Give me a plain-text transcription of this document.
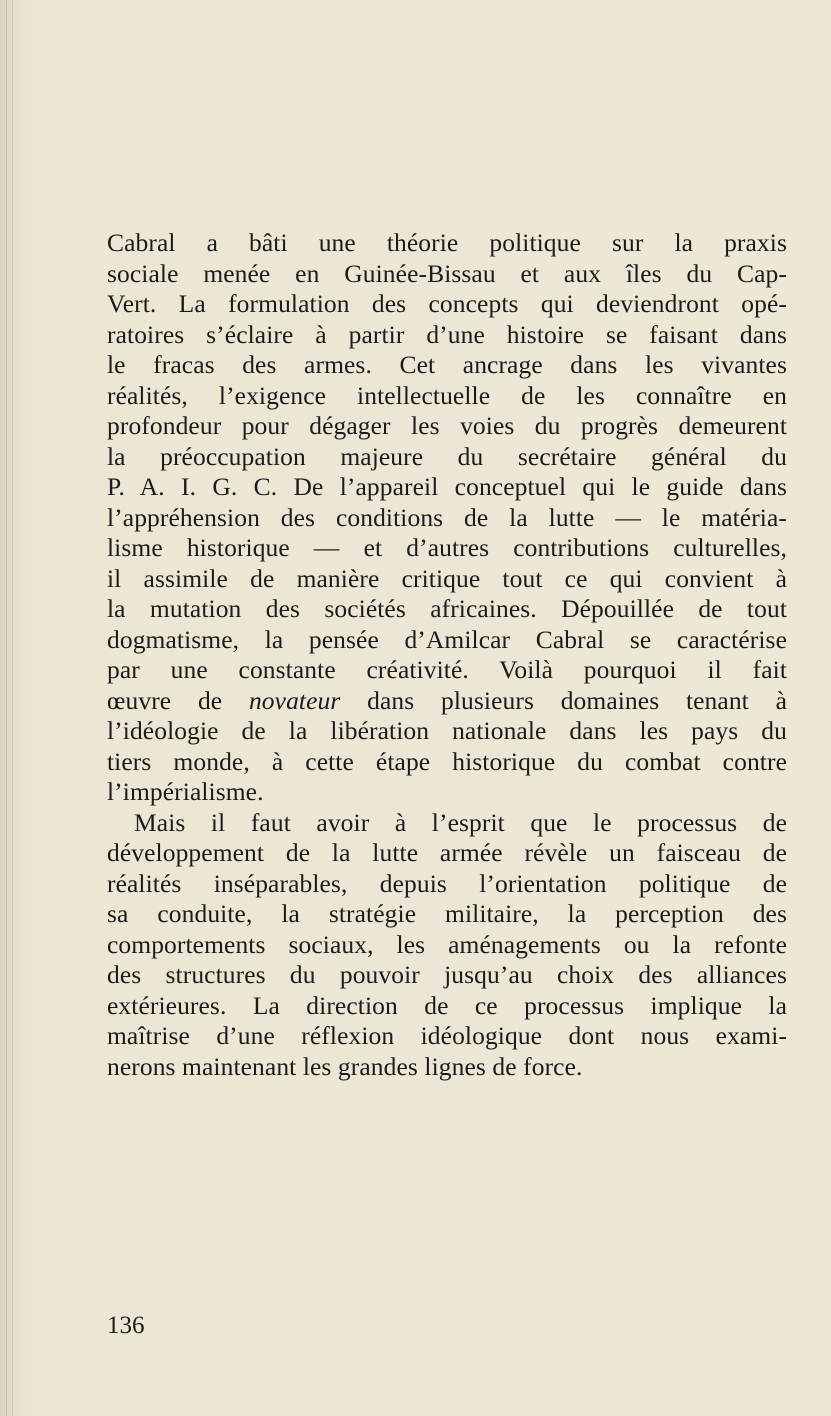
Cabral a bâti une théorie politique sur la praxis
sociale menée en Guinée-Bissau et aux îles du Cap-
Vert. La formulation des concepts qui deviendront opé-
ratoires s’éclaire à partir d’une histoire se faisant dans
le fracas des armes. Cet ancrage dans les vivantes
réalités, l’exigence intellectuelle de les connaître en
profondeur pour dégager les voies du progrès demeurent
la préoccupation majeure du secrétaire général du
P. A. I. G. C. De l’appareil conceptuel qui le guide dans
l’appréhension des conditions de la lutte — le matéria-
lisme historique — et d’autres contributions culturelles,
il assimile de manière critique tout ce qui convient à
la mutation des sociétés africaines. Dépouillée de tout
dogmatisme, la pensée d’Amilcar Cabral se caractérise
par une constante créativité. Voilà pourquoi il fait
œuvre de novateur dans plusieurs domaines tenant à
l’idéologie de la libération nationale dans les pays du
tiers monde, à cette étape historique du combat contre
l’impérialisme.
Mais il faut avoir à l’esprit que le processus de
développement de la lutte armée révèle un faisceau de
réalités inséparables, depuis l’orientation politique de
sa conduite, la stratégie militaire, la perception des
comportements sociaux, les aménagements ou la refonte
des structures du pouvoir jusqu’au choix des alliances
extérieures. La direction de ce processus implique la
maîtrise d’une réflexion idéologique dont nous exami-
nerons maintenant les grandes lignes de force.
136
